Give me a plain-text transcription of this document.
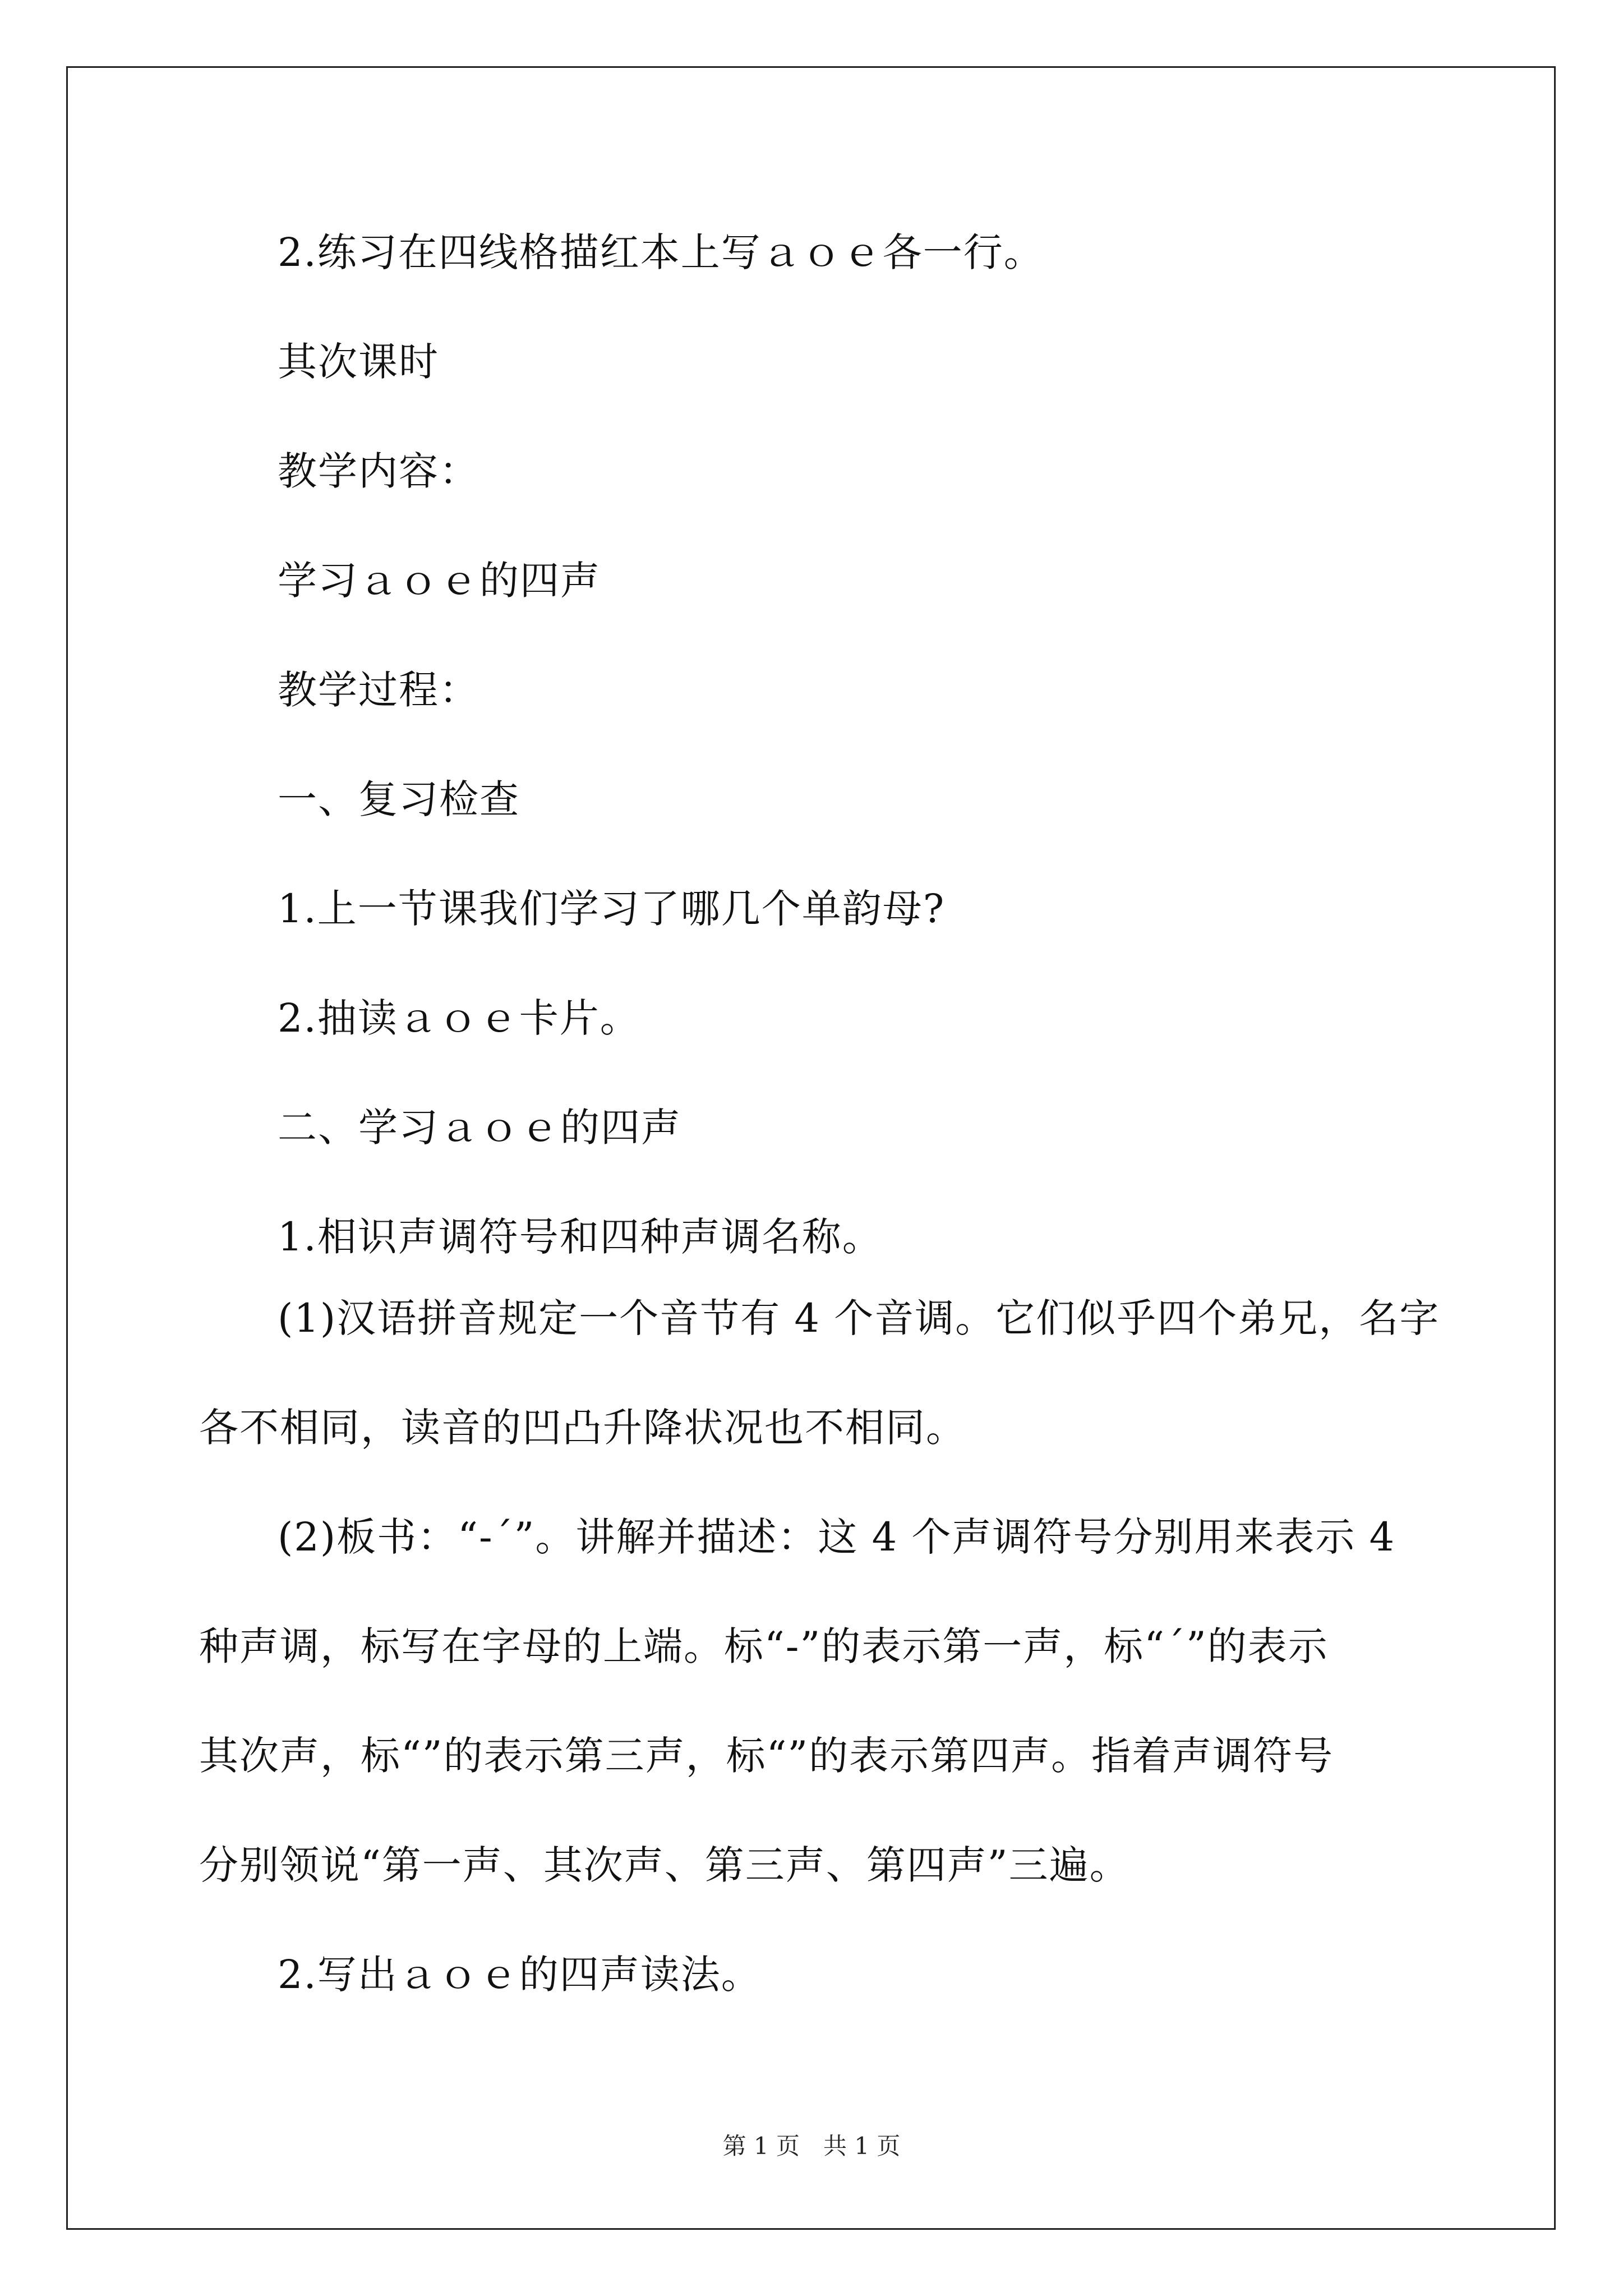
2.练习在四线格描红本上写ａｏｅ各一行。
其次课时
教学内容：
学习ａｏｅ的四声
教学过程：
一、复习检查
1.上一节课我们学习了哪几个单韵母?
2.抽读ａｏｅ卡片。
二、学习ａｏｅ的四声
1.相识声调符号和四种声调名称。
(1)汉语拼音规定一个音节有 4 个音调。它们似乎四个弟兄，名字
各不相同，读音的凹凸升降状况也不相同。
(2)板书：“-ˊ”。讲解并描述：这 4 个声调符号分别用来表示 4
种声调，标写在字母的上端。标“-”的表示第一声，标“ˊ”的表示
其次声，标“”的表示第三声，标“”的表示第四声。指着声调符号
分别领说“第一声、其次声、第三声、第四声”三遍。
2.写出ａｏｅ的四声读法。
第 1 页　共 1 页
